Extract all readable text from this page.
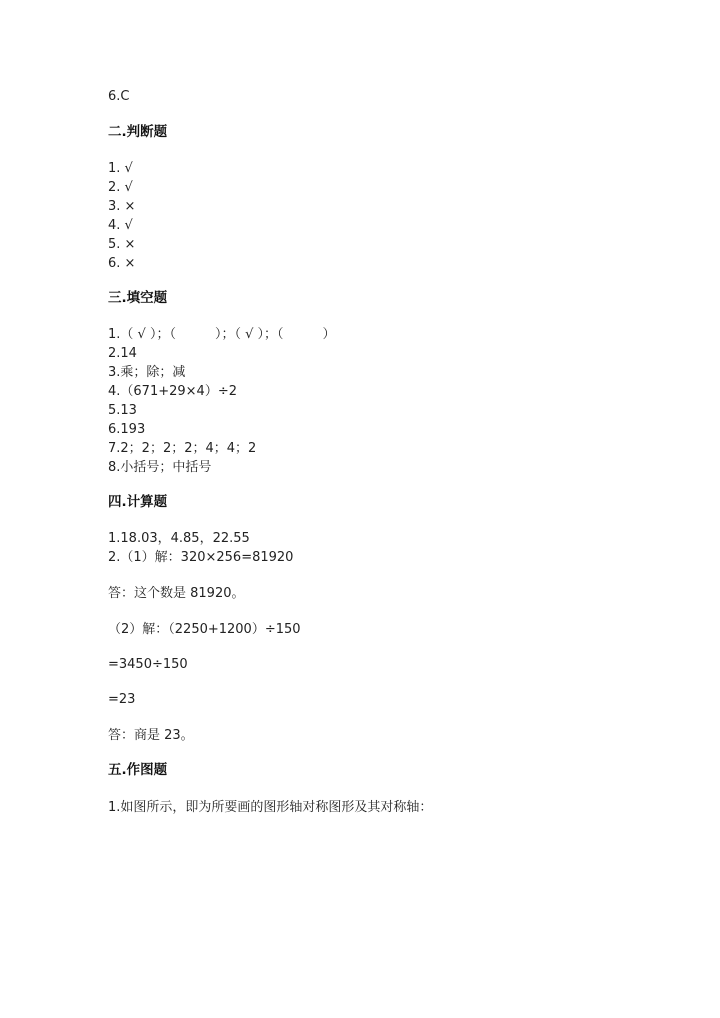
6.C
二.判断题
1. √
2. √
3. ×
4. √
5. ×
6. ×
三.填空题
1.（ √ ）；（　　　）；（ √ ）；（　　　）
2.14
3.乘；除；减
4.（671+29×4）÷2
5.13
6.193
7.2；2；2；2；4；4；2
8.小括号；中括号
四.计算题
1.18.03，4.85，22.55
2.（1）解：320×256=81920
答：这个数是 81920。
（2）解：（2250+1200）÷150
=3450÷150
=23
答：商是 23。
五.作图题
1.如图所示，即为所要画的图形轴对称图形及其对称轴：
